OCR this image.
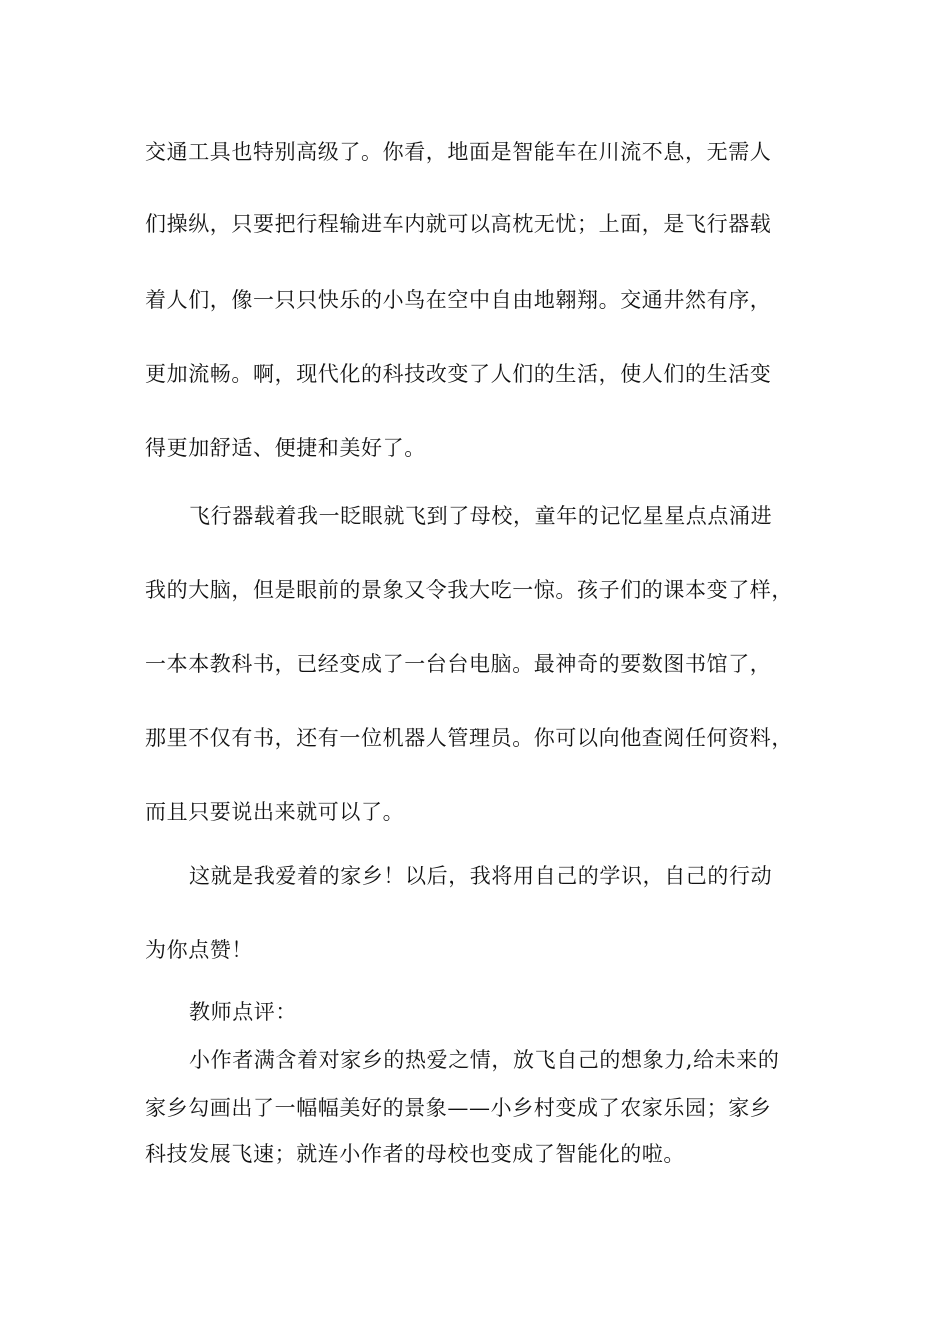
交通工具也特别高级了。你看，地面是智能车在川流不息，无需人
们操纵，只要把行程输进车内就可以高枕无忧；上面，是飞行器载
着人们，像一只只快乐的小鸟在空中自由地翱翔。交通井然有序，
更加流畅。啊，现代化的科技改变了人们的生活，使人们的生活变
得更加舒适、便捷和美好了。
飞行器载着我一眨眼就飞到了母校，童年的记忆星星点点涌进
我的大脑，但是眼前的景象又令我大吃一惊。孩子们的课本变了样，
一本本教科书，已经变成了一台台电脑。最神奇的要数图书馆了，
那里不仅有书，还有一位机器人管理员。你可以向他查阅任何资料，
而且只要说出来就可以了。
这就是我爱着的家乡！以后，我将用自己的学识，自己的行动
为你点赞！
教师点评：
小作者满含着对家乡的热爱之情，放飞自己的想象力,给未来的
家乡勾画出了一幅幅美好的景象——小乡村变成了农家乐园；家乡
科技发展飞速；就连小作者的母校也变成了智能化的啦。
